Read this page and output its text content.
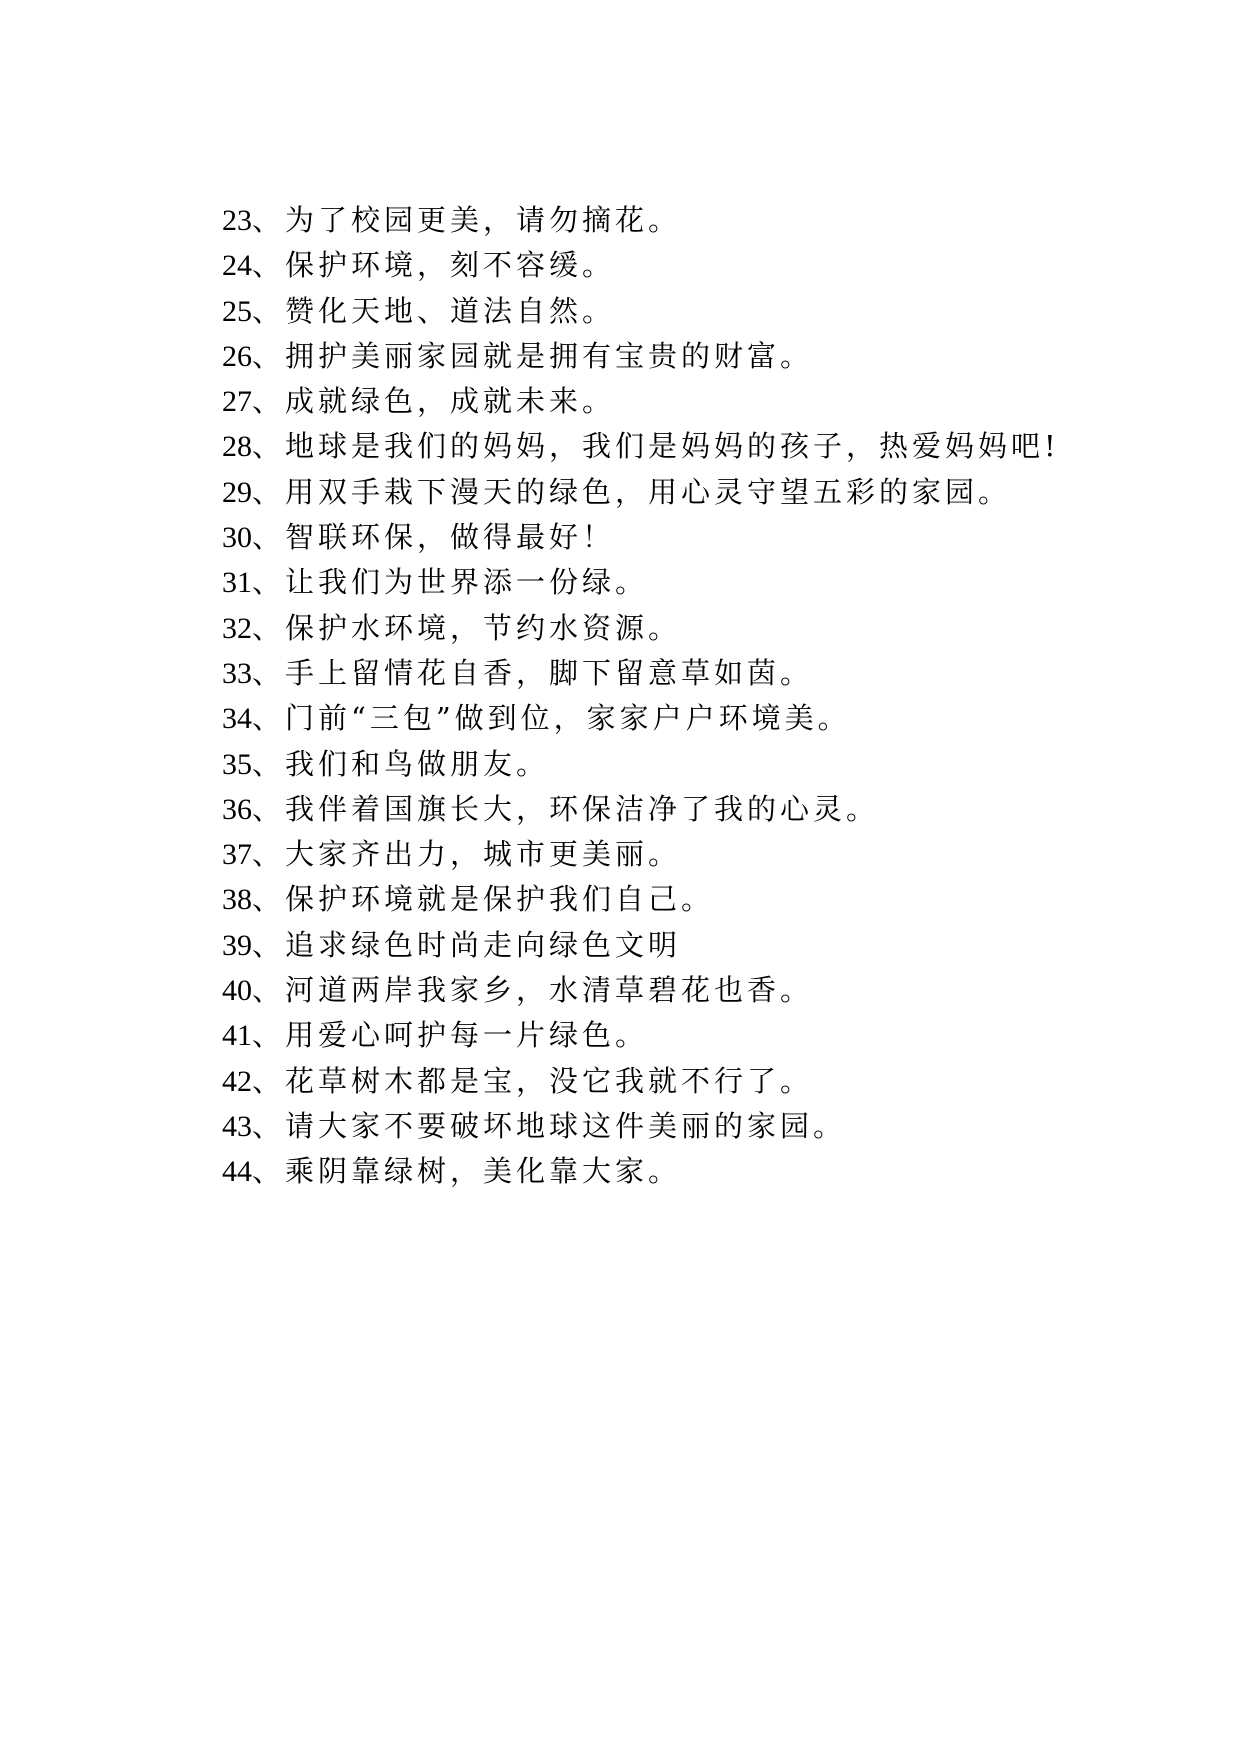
23、为了校园更美，请勿摘花。
24、保护环境，刻不容缓。
25、赞化天地、道法自然。
26、拥护美丽家园就是拥有宝贵的财富。
27、成就绿色，成就未来。
28、地球是我们的妈妈，我们是妈妈的孩子，热爱妈妈吧!
29、用双手栽下漫天的绿色，用心灵守望五彩的家园。
30、智联环保，做得最好！
31、让我们为世界添一份绿。
32、保护水环境，节约水资源。
33、手上留情花自香，脚下留意草如茵。
34、门前“三包”做到位，家家户户环境美。
35、我们和鸟做朋友。
36、我伴着国旗长大，环保洁净了我的心灵。
37、大家齐出力，城市更美丽。
38、保护环境就是保护我们自己。
39、追求绿色时尚走向绿色文明
40、河道两岸我家乡，水清草碧花也香。
41、用爱心呵护每一片绿色。
42、花草树木都是宝，没它我就不行了。
43、请大家不要破坏地球这件美丽的家园。
44、乘阴靠绿树，美化靠大家。
